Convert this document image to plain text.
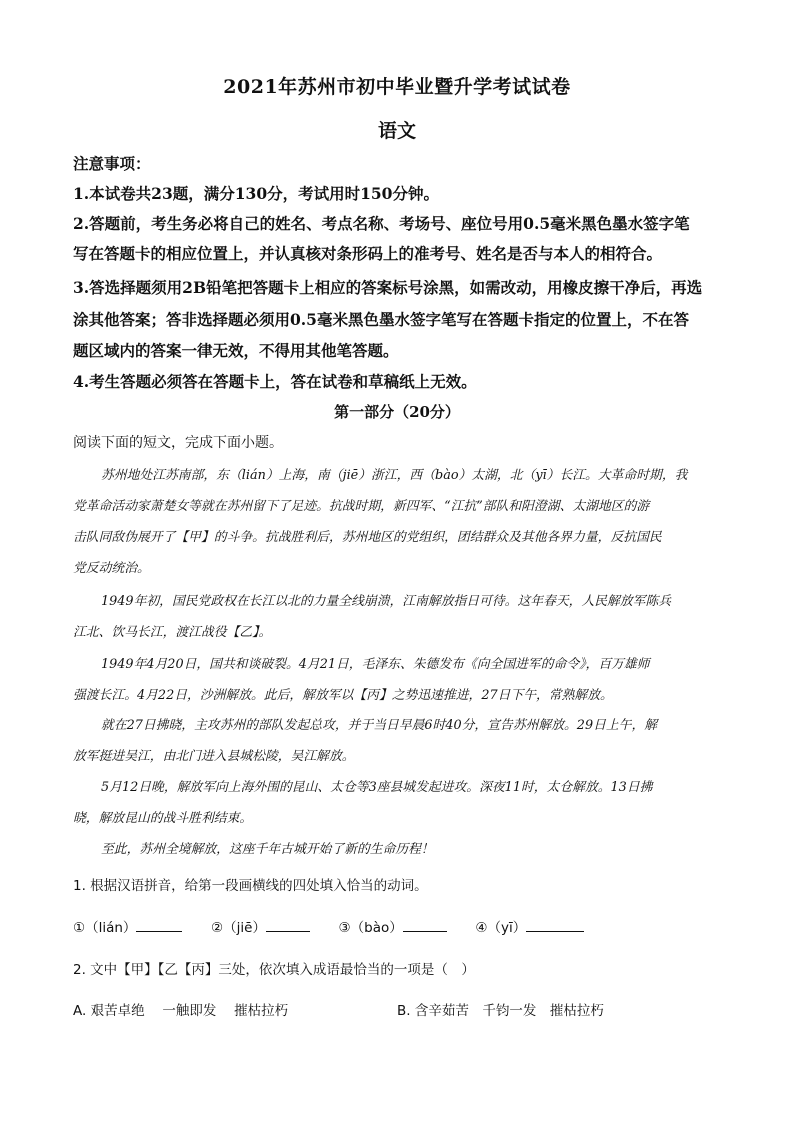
2021年苏州市初中毕业暨升学考试试卷
语文
注意事项：
1.本试卷共23题，满分130分，考试用时150分钟。
2.答题前，考生务必将自己的姓名、考点名称、考场号、座位号用0.5毫米黑色墨水签字笔
写在答题卡的相应位置上，并认真核对条形码上的准考号、姓名是否与本人的相符合。
3.答选择题须用2B铅笔把答题卡上相应的答案标号涂黑，如需改动，用橡皮擦干净后，再选
涂其他答案；答非选择题必须用0.5毫米黑色墨水签字笔写在答题卡指定的位置上，不在答
题区域内的答案一律无效，不得用其他笔答题。
4.考生答题必须答在答题卡上，答在试卷和草稿纸上无效。
第一部分（20分）
阅读下面的短文，完成下面小题。
苏州地处江苏南部，东（lián）上海，南（jiē）浙江，西（bào）太湖，北（yī）长江。大革命时期，我
党革命活动家萧楚女等就在苏州留下了足迹。抗战时期，新四军、“江抗”部队和阳澄湖、太湖地区的游
击队同敌伪展开了【甲】的斗争。抗战胜利后，苏州地区的党组织，团结群众及其他各界力量，反抗国民
党反动统治。
1949年初，国民党政权在长江以北的力量全线崩溃，江南解放指日可待。这年春天，人民解放军陈兵
江北、饮马长江，渡江战役【乙】。
1949年4月20日，国共和谈破裂。4月21日，毛泽东、朱德发布《向全国进军的命令》，百万雄师
强渡长江。4月22日，沙洲解放。此后，解放军以【丙】之势迅速推进，27日下午，常熟解放。
就在27日拂晓，主攻苏州的部队发起总攻，并于当日早晨6时40分，宣告苏州解放。29日上午，解
放军挺进吴江，由北门进入县城松陵，吴江解放。
5月12日晚，解放军向上海外围的昆山、太仓等3座县城发起进攻。深夜11时，太仓解放。13日拂
晓，解放昆山的战斗胜利结束。
至此，苏州全境解放，这座千年古城开始了新的生命历程！
1. 根据汉语拼音，给第一段画横线的四处填入恰当的动词。
①（lián）	②（jiē）	③（bào）	④（yī）
2. 文中【甲】【乙【丙】三处，依次填入成语最恰当的一项是（　）
A. 艰苦卓绝　 一触即发　 摧枯拉朽	B. 含辛茹苦　千钧一发　摧枯拉朽
